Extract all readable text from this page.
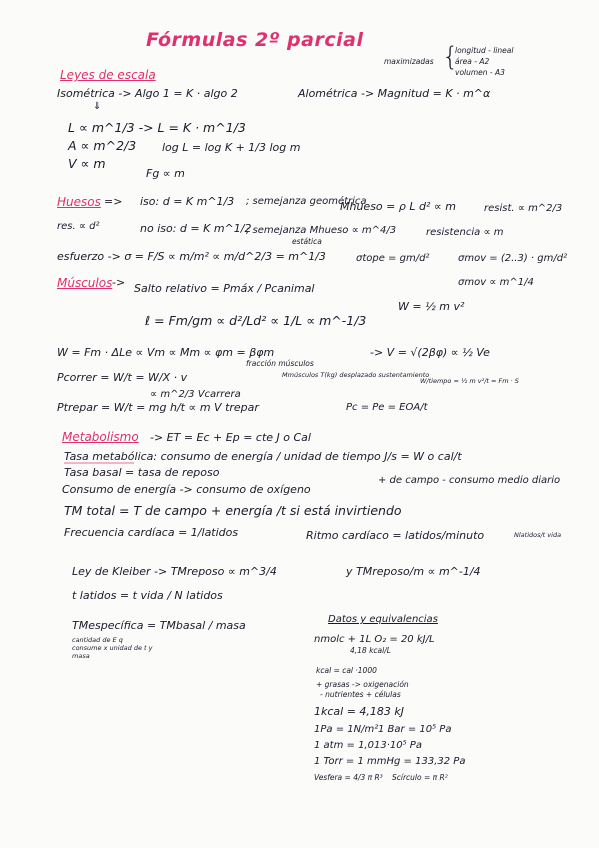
Fórmulas 2º parcial
maximizadas {
longitud - lineal
área - A2
volumen - A3
Leyes de escala
Isométrica -> Algo 1 = K · algo 2	Alométrica -> Magnitud = K · m^α
⇓
L ∝ m^1/3 -> L = K · m^1/3
A ∝ m^2/3 log L = log K + 1/3 log m
V ∝ m
Fg ∝ m
Huesos => iso: d = K m^1/3 ; semejanza geométrica
Mhueso = ρ L d² ∝ m	resist. ∝ m^2/3
res. ∝ d²	no iso: d = K m^1/2
; semejanza Mhueso ∝ m^4/3	resistencia ∝ m
estática
esfuerzo -> σ = F/S ∝ m/m² ∝ m/d^2/3 = m^1/3	σtope = gm/d²	σmov = (2..3) · gm/d²
σmov ∝ m^1/4
Músculos -> Salto relativo = Pmáx / Pcanimal
ℓ = Fm/gm ∝ d²/Ld² ∝ 1/L ∝ m^-1/3
W = ½ m v²
W = Fm · ΔLe ∝ Vm ∝ Mm ∝ φm = βφm	-> V = √(2βφ) ∝ ½ Ve
fracción músculos
Pcorrer = W/t = W/X · v	Mmúsculos T(kg) desplazado sustentamiento
W/tiempo = ½ m v²/t = Fm · S
∝ m^2/3 Vcarrera
Ptrepar = W/t = mg h/t ∝ m V trepar	Pc = Pe = EOA/t
Metabolismo -> ET = Ec + Ep = cte J o Cal
Tasa metabólica: consumo de energía / unidad de tiempo J/s = W o cal/t
Tasa basal = tasa de reposo
+ de campo - consumo medio diario
Consumo de energía -> consumo de oxígeno
TM total = T de campo + energía /t si está invirtiendo
Frecuencia cardíaca = 1/latidos	Ritmo cardíaco = latidos/minuto	Nlatidos/t vida
Ley de Kleiber -> TMreposo ∝ m^3/4	y TMreposo/m ∝ m^-1/4
t latidos = t vida / N latidos
TMespecífica = TMbasal / masa
cantidad de E q consume x unidad de t y masa
Datos y equivalencias
nmolc + 1L O₂ = 20 kJ/L
4,18 kcal/L
kcal = cal ·1000
+ grasas -> oxigenación
- nutrientes + células
1kcal = 4,183 kJ
1Pa = 1N/m² 1 Bar = 10⁵ Pa
1 atm = 1,013·10⁵ Pa
1 Torr = 1 mmHg = 133,32 Pa
Vesfera = 4/3 π R³ Scírculo = π R²
